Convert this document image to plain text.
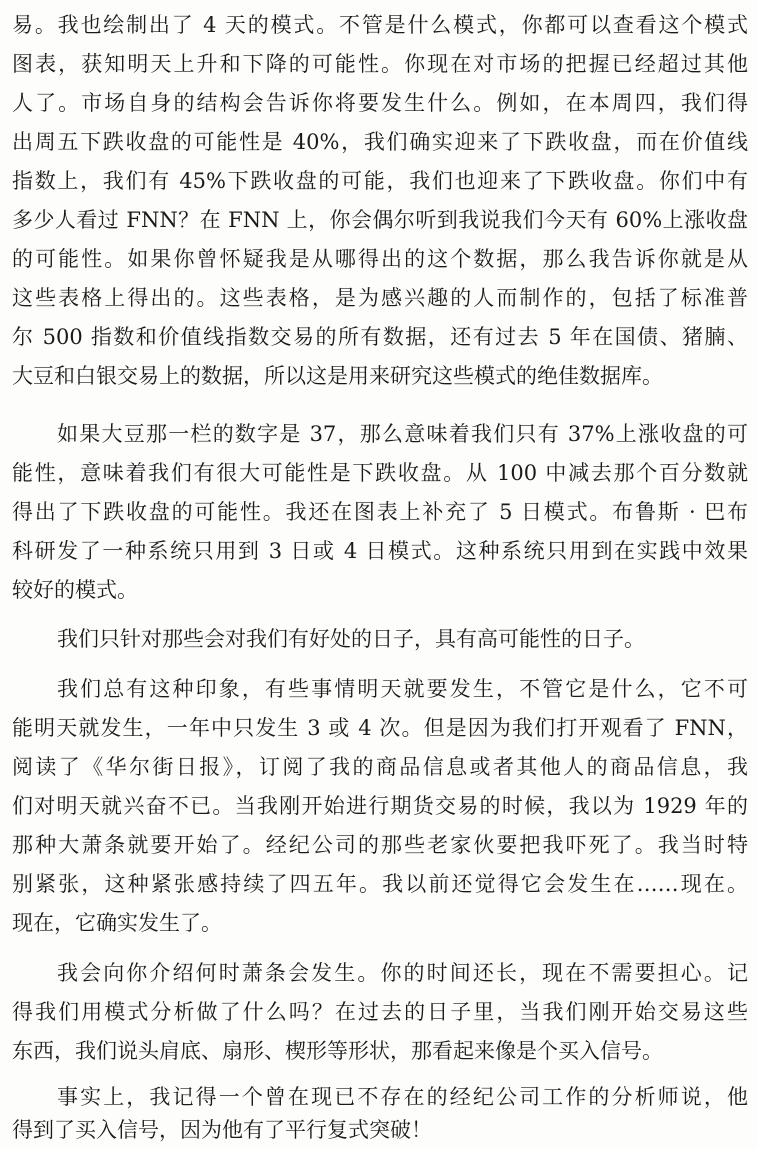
易。我也绘制出了 4 天的模式。不管是什么模式，你都可以查看这个模式
图表，获知明天上升和下降的可能性。你现在对市场的把握已经超过其他
人了。市场自身的结构会告诉你将要发生什么。例如，在本周四，我们得
出周五下跌收盘的可能性是 40%，我们确实迎来了下跌收盘，而在价值线
指数上，我们有 45%下跌收盘的可能，我们也迎来了下跌收盘。你们中有
多少人看过 FNN？在 FNN 上，你会偶尔听到我说我们今天有 60%上涨收盘
的可能性。如果你曾怀疑我是从哪得出的这个数据，那么我告诉你就是从
这些表格上得出的。这些表格，是为感兴趣的人而制作的，包括了标准普
尔 500 指数和价值线指数交易的所有数据，还有过去 5 年在国债、猪腩、
大豆和白银交易上的数据，所以这是用来研究这些模式的绝佳数据库。
如果大豆那一栏的数字是 37，那么意味着我们只有 37%上涨收盘的可
能性，意味着我们有很大可能性是下跌收盘。从 100 中减去那个百分数就
得出了下跌收盘的可能性。我还在图表上补充了 5 日模式。布鲁斯 · 巴布
科研发了一种系统只用到 3 日或 4 日模式。这种系统只用到在实践中效果
较好的模式。
我们只针对那些会对我们有好处的日子，具有高可能性的日子。
我们总有这种印象，有些事情明天就要发生，不管它是什么，它不可
能明天就发生，一年中只发生 3 或 4 次。但是因为我们打开观看了 FNN，
阅读了《华尔街日报》，订阅了我的商品信息或者其他人的商品信息，我
们对明天就兴奋不已。当我刚开始进行期货交易的时候，我以为 1929 年的
那种大萧条就要开始了。经纪公司的那些老家伙要把我吓死了。我当时特
别紧张，这种紧张感持续了四五年。我以前还觉得它会发生在……现在。
现在，它确实发生了。
我会向你介绍何时萧条会发生。你的时间还长，现在不需要担心。记
得我们用模式分析做了什么吗？在过去的日子里，当我们刚开始交易这些
东西，我们说头肩底、扇形、楔形等形状，那看起来像是个买入信号。
事实上，我记得一个曾在现已不存在的经纪公司工作的分析师说，他
得到了买入信号，因为他有了平行复式突破！
